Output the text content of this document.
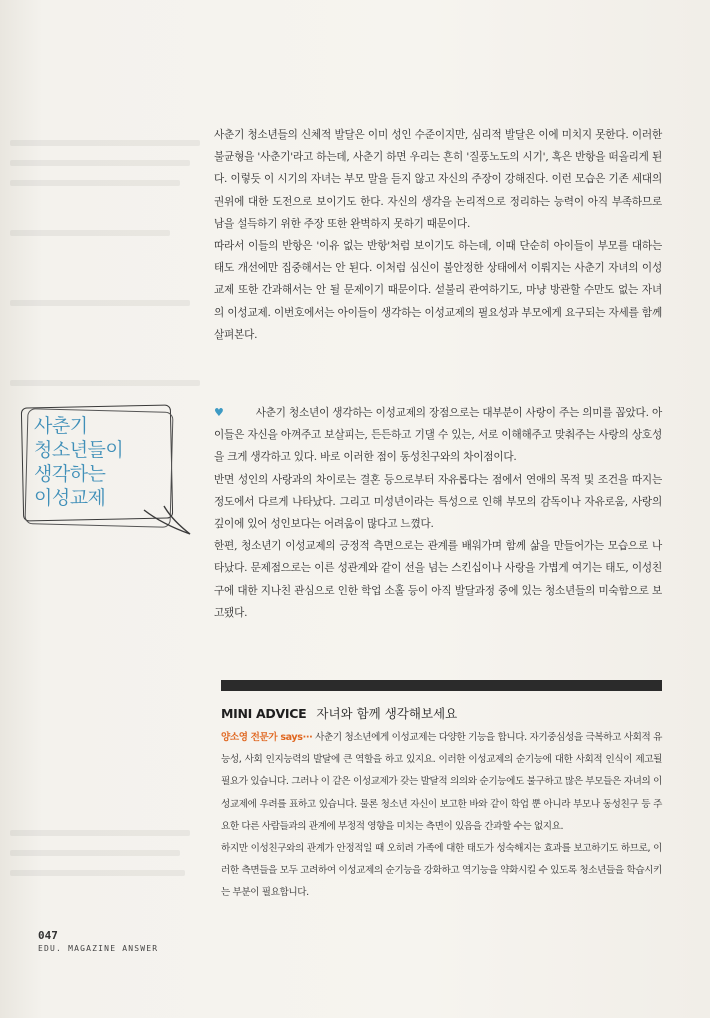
사춘기 청소년들의 신체적 발달은 이미 성인 수준이지만, 심리적 발달은 이에 미치지 못한다. 이러한 불균형을 '사춘기'라고 하는데, 사춘기 하면 우리는 흔히 '질풍노도의 시기', 혹은 반항을 떠올리게 된다. 이렇듯 이 시기의 자녀는 부모 말을 듣지 않고 자신의 주장이 강해진다. 이런 모습은 기존 세대의 권위에 대한 도전으로 보이기도 한다. 자신의 생각을 논리적으로 정리하는 능력이 아직 부족하므로 남을 설득하기 위한 주장 또한 완벽하지 못하기 때문이다.

따라서 이들의 반항은 '이유 없는 반항'처럼 보이기도 하는데, 이때 단순히 아이들이 부모를 대하는 태도 개선에만 집중해서는 안 된다. 이처럼 심신이 불안정한 상태에서 이뤄지는 사춘기 자녀의 이성교제 또한 간과해서는 안 될 문제이기 때문이다. 섣불리 관여하기도, 마냥 방관할 수만도 없는 자녀의 이성교제. 이번호에서는 아이들이 생각하는 이성교제의 필요성과 부모에게 요구되는 자세를 함께 살펴본다.

사춘기
청소년들이
생각하는
이성교제

♥	사춘기 청소년이 생각하는 이성교제의 장점으로는 대부분이 사랑이 주는 의미를 꼽았다. 아이들은 자신을 아껴주고 보살피는, 든든하고 기댈 수 있는, 서로 이해해주고 맞춰주는 사랑의 상호성을 크게 생각하고 있다. 바로 이러한 점이 동성친구와의 차이점이다.

반면 성인의 사랑과의 차이로는 결혼 등으로부터 자유롭다는 점에서 연애의 목적 및 조건을 따지는 정도에서 다르게 나타났다. 그리고 미성년이라는 특성으로 인해 부모의 감독이나 자유로움, 사랑의 깊이에 있어 성인보다는 어려움이 많다고 느꼈다.

한편, 청소년기 이성교제의 긍정적 측면으로는 관계를 배워가며 함께 삶을 만들어가는 모습으로 나타났다. 문제점으로는 이른 성관계와 같이 선을 넘는 스킨십이나 사랑을 가볍게 여기는 태도, 이성친구에 대한 지나친 관심으로 인한 학업 소홀 등이 아직 발달과정 중에 있는 청소년들의 미숙함으로 보고됐다.

MINI ADVICE 자녀와 함께 생각해보세요

양소영 전문가 says··· 사춘기 청소년에게 이성교제는 다양한 기능을 합니다. 자기중심성을 극복하고 사회적 유능성, 사회 인지능력의 발달에 큰 역할을 하고 있지요. 이러한 이성교제의 순기능에 대한 사회적 인식이 제고될 필요가 있습니다. 그러나 이 같은 이성교제가 갖는 발달적 의의와 순기능에도 불구하고 많은 부모들은 자녀의 이성교제에 우려를 표하고 있습니다. 물론 청소년 자신이 보고한 바와 같이 학업 뿐 아니라 부모나 동성친구 등 주요한 다른 사람들과의 관계에 부정적 영향을 미치는 측면이 있음을 간과할 수는 없지요.

하지만 이성친구와의 관계가 안정적일 때 오히려 가족에 대한 태도가 성숙해지는 효과를 보고하기도 하므로, 이러한 측면들을 모두 고려하여 이성교제의 순기능을 강화하고 역기능을 약화시킬 수 있도록 청소년들을 학습시키는 부분이 필요합니다.

047
EDU. MAGAZINE ANSWER
